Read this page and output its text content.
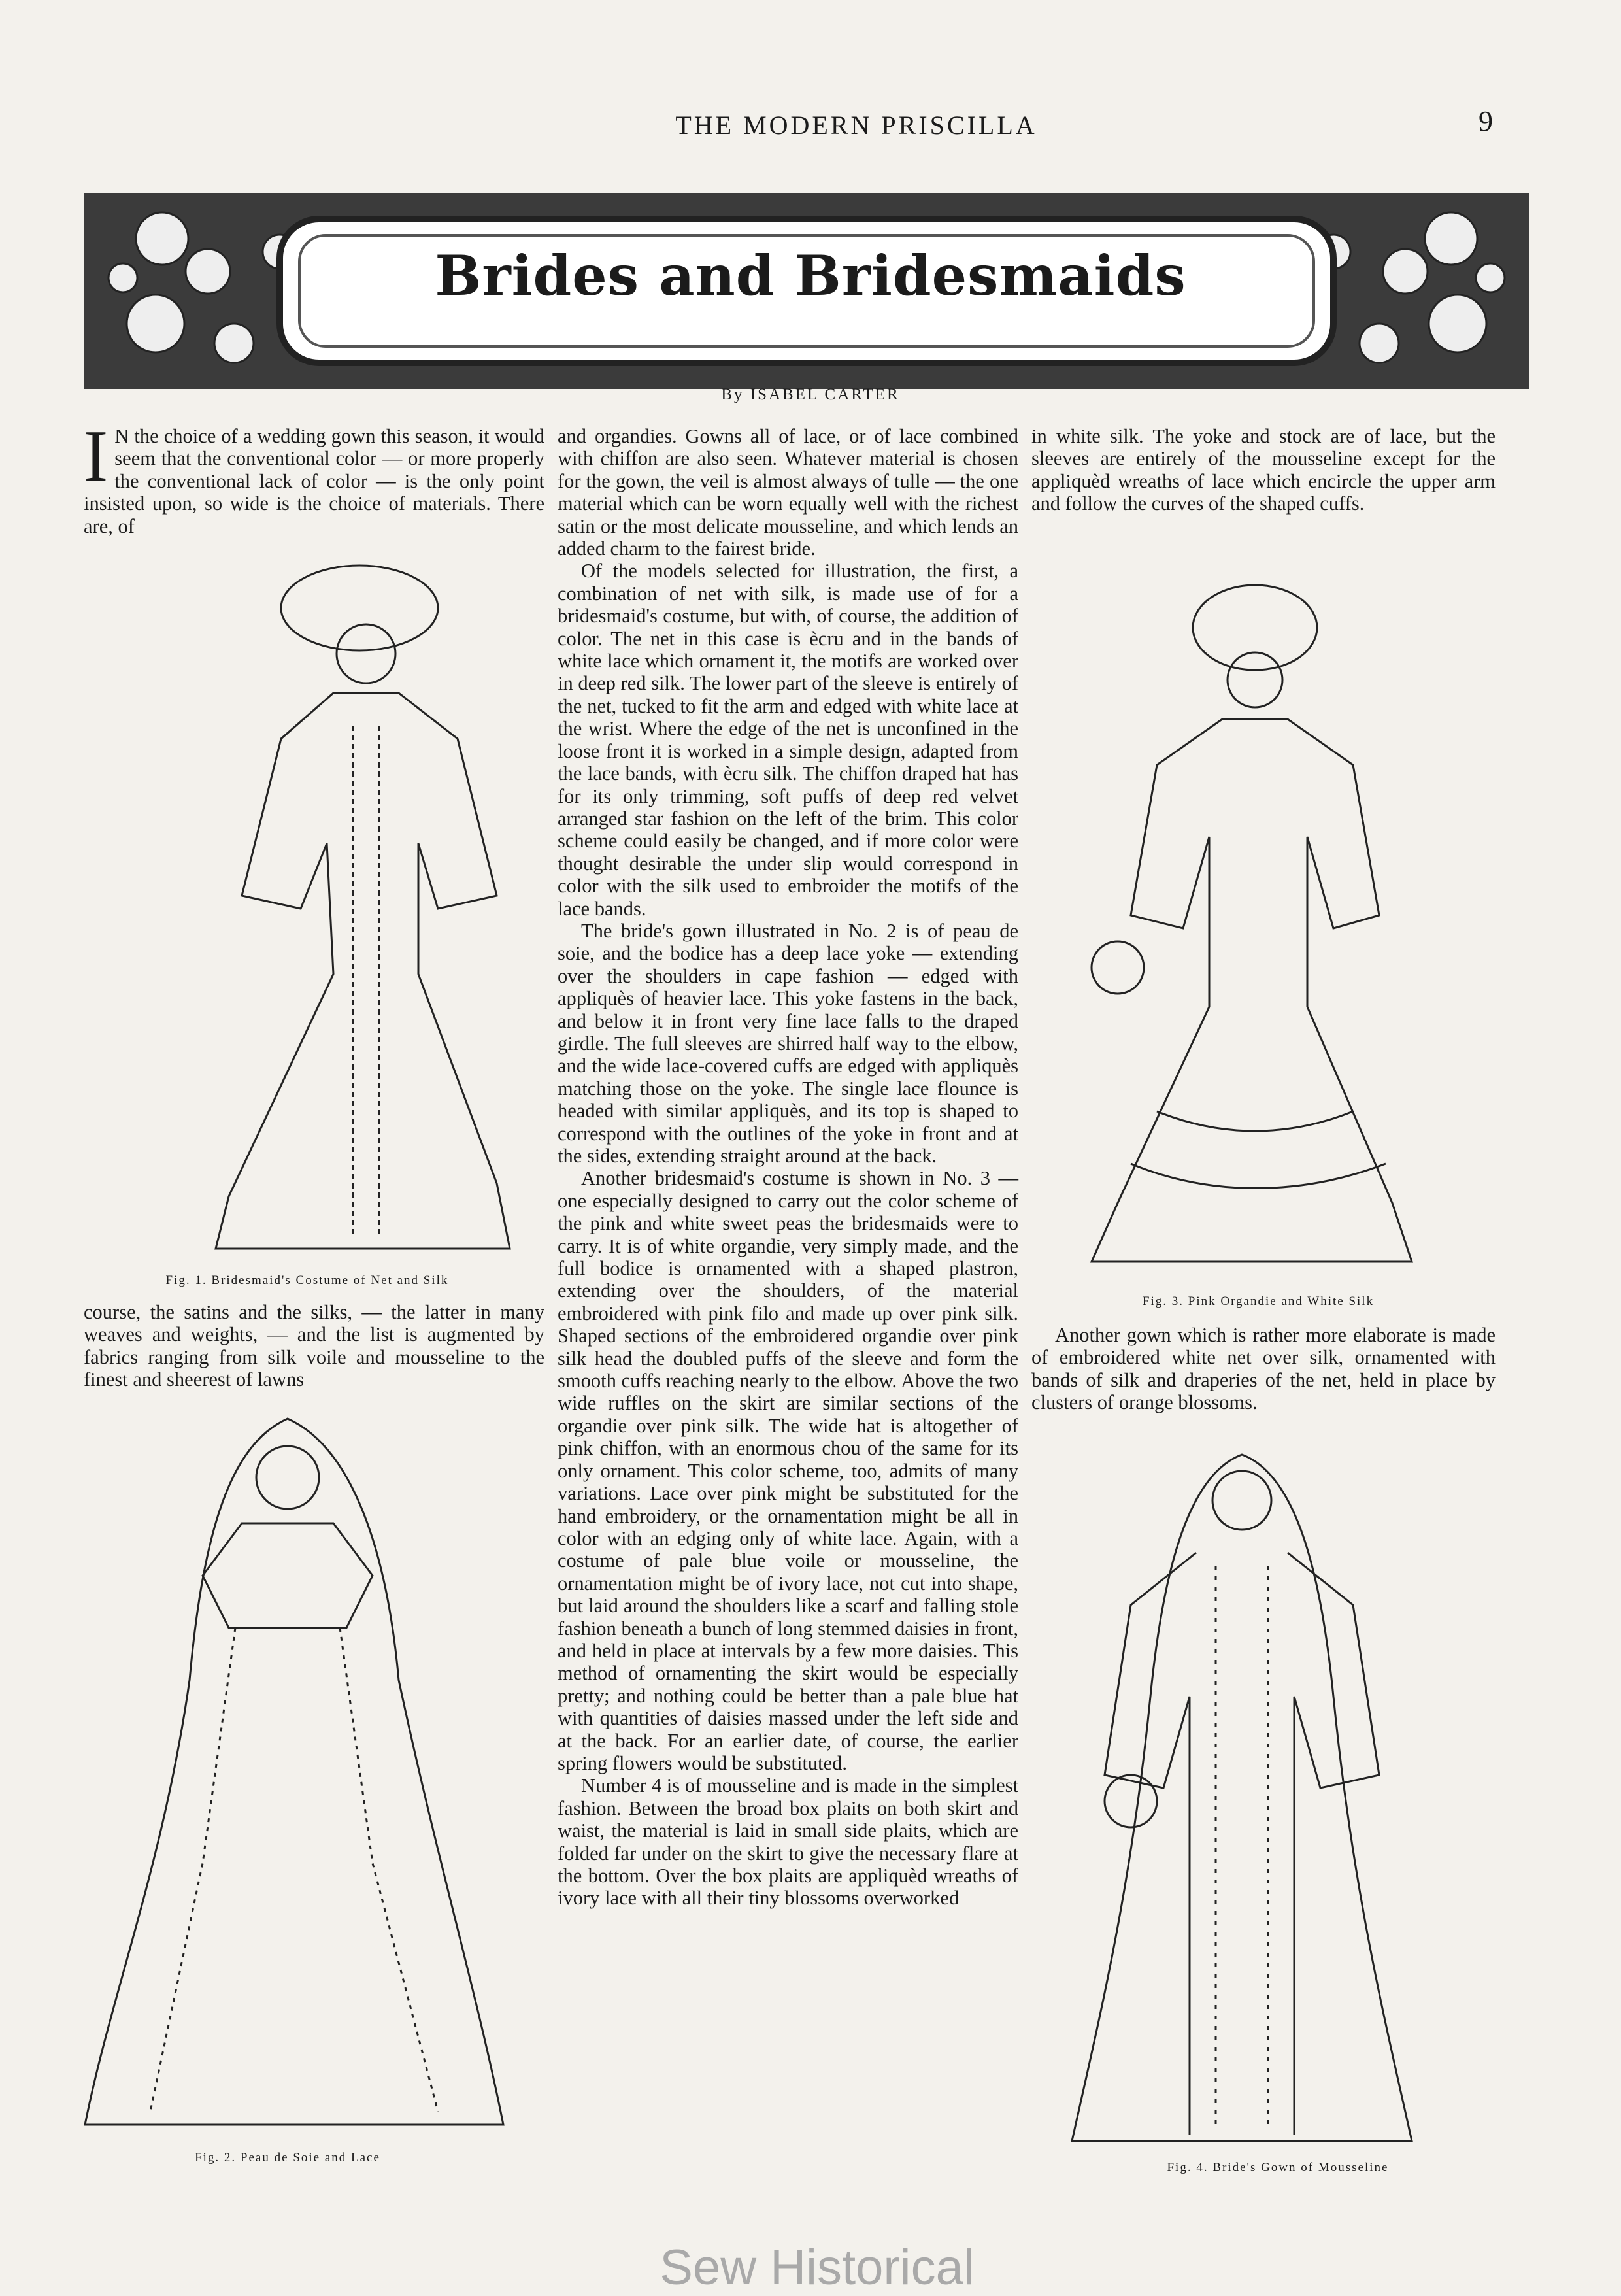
THE MODERN PRISCILLA	9
Brides and Bridesmaids
By ISABEL CARTER
I N the choice of a wedding gown this season, it would seem that the conventional color — or more properly the conventional lack of color — is the only point insisted upon, so wide is the choice of materials. There are, of

Fig. 1. Bridesmaid's Costume of Net and Silk

course, the satins and the silks, — the latter in many weaves and weights, — and the list is augmented by fabrics ranging from silk voile and mousseline to the finest and sheerest of lawns

Fig. 2. Peau de Soie and Lace

and organdies. Gowns all of lace, or of lace combined with chiffon are also seen. Whatever material is chosen for the gown, the veil is almost always of tulle — the one material which can be worn equally well with the richest satin or the most delicate mousseline, and which lends an added charm to the fairest bride.

Of the models selected for illustration, the first, a combination of net with silk, is made use of for a bridesmaid's costume, but with, of course, the addition of color. The net in this case is ècru and in the bands of white lace which ornament it, the motifs are worked over in deep red silk. The lower part of the sleeve is entirely of the net, tucked to fit the arm and edged with white lace at the wrist. Where the edge of the net is unconfined in the loose front it is worked in a simple design, adapted from the lace bands, with ècru silk. The chiffon draped hat has for its only trimming, soft puffs of deep red velvet arranged star fashion on the left of the brim. This color scheme could easily be changed, and if more color were thought desirable the under slip would correspond in color with the silk used to embroider the motifs of the lace bands.

The bride's gown illustrated in No. 2 is of peau de soie, and the bodice has a deep lace yoke — extending over the shoulders in cape fashion — edged with appliquès of heavier lace. This yoke fastens in the back, and below it in front very fine lace falls to the draped girdle. The full sleeves are shirred half way to the elbow, and the wide lace-covered cuffs are edged with appliquès matching those on the yoke. The single lace flounce is headed with similar appliquès, and its top is shaped to correspond with the outlines of the yoke in front and at the sides, extending straight around at the back.

Another bridesmaid's costume is shown in No. 3 — one especially designed to carry out the color scheme of the pink and white sweet peas the bridesmaids were to carry. It is of white organdie, very simply made, and the full bodice is ornamented with a shaped plastron, extending over the shoulders, of the material embroidered with pink filo and made up over pink silk. Shaped sections of the embroidered organdie over pink silk head the doubled puffs of the sleeve and form the smooth cuffs reaching nearly to the elbow. Above the two wide ruffles on the skirt are similar sections of the organdie over pink silk. The wide hat is altogether of pink chiffon, with an enormous chou of the same for its only ornament. This color scheme, too, admits of many variations. Lace over pink might be substituted for the hand embroidery, or the ornamentation might be all in color with an edging only of white lace. Again, with a costume of pale blue voile or mousseline, the ornamentation might be of ivory lace, not cut into shape, but laid around the shoulders like a scarf and falling stole fashion beneath a bunch of long stemmed daisies in front, and held in place at intervals by a few more daisies. This method of ornamenting the skirt would be especially pretty; and nothing could be better than a pale blue hat with quantities of daisies massed under the left side and at the back. For an earlier date, of course, the earlier spring flowers would be substituted.

Number 4 is of mousseline and is made in the simplest fashion. Between the broad box plaits on both skirt and waist, the material is laid in small side plaits, which are folded far under on the skirt to give the necessary flare at the bottom. Over the box plaits are appliquèd wreaths of ivory lace with all their tiny blossoms overworked

in white silk. The yoke and stock are of lace, but the sleeves are entirely of the mousseline except for the appliquèd wreaths of lace which encircle the upper arm and follow the curves of the shaped cuffs.

Fig. 3. Pink Organdie and White Silk

Another gown which is rather more elaborate is made of embroidered white net over silk, ornamented with bands of silk and draperies of the net, held in place by clusters of orange blossoms.

Fig. 4. Bride's Gown of Mousseline
Sew Historical
